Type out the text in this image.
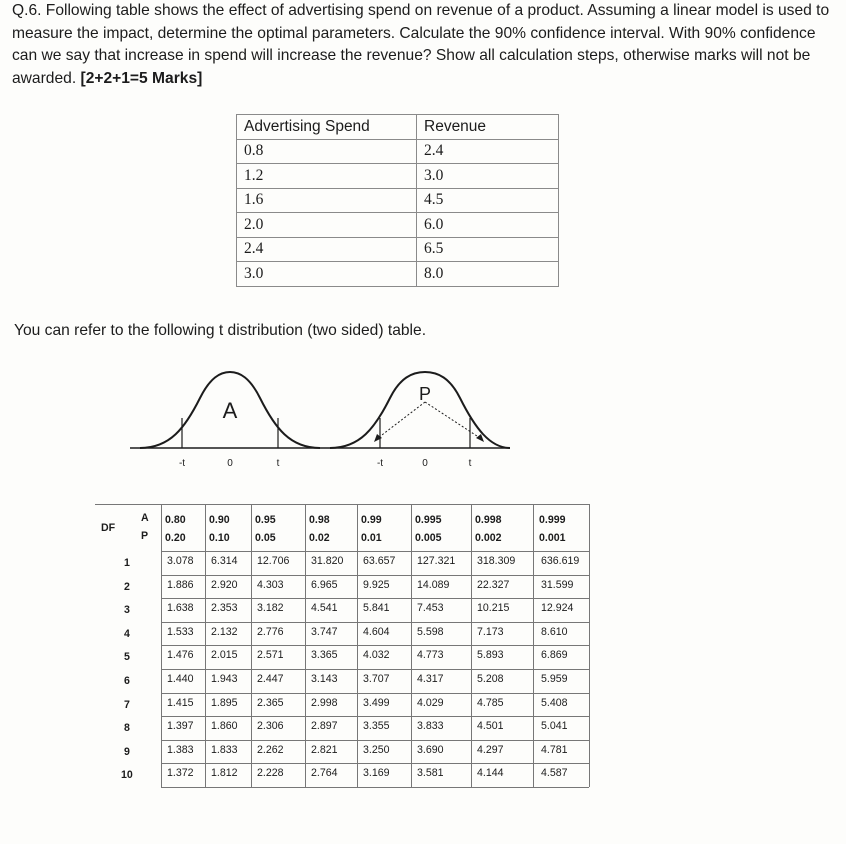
Q.6. Following table shows the effect of advertising spend on revenue of a product. Assuming a linear model is used to measure the impact, determine the optimal parameters. Calculate the 90% confidence interval. With 90% confidence can we say that increase in spend will increase the revenue? Show all calculation steps, otherwise marks will not be awarded. [2+2+1=5 Marks]
Advertising Spend	Revenue
0.8	2.4
1.2	3.0
1.6	4.5
2.0	6.0
2.4	6.5
3.0	8.0
You can refer to the following t distribution (two sided) table.
A
-t	0	t
P
-t	0	t
DF
A
P
0.80 0.90 0.95	0.98	0.99	0.995	0.998	0.999
0.20 0.10 0.05	0.02	0.01	0.005	0.002	0.001
1	3.078 6.314 12.706 31.820 63.657 127.321 318.309 636.619
2	1.886 2.920 4.303	6.965 9.925	14.089	22.327	31.599
3	1.638 2.353 3.182	4.541 5.841	7.453	10.215	12.924
4	1.533 2.132 2.776	3.747 4.604	5.598	7.173	8.610
5	1.476 2.015 2.571	3.365 4.032	4.773	5.893	6.869
6	1.440 1.943 2.447	3.143 3.707	4.317	5.208	5.959
7	1.415 1.895 2.365	2.998 3.499	4.029	4.785	5.408
8	1.397 1.860 2.306	2.897 3.355	3.833	4.501	5.041
9	1.383 1.833 2.262	2.821 3.250	3.690	4.297	4.781
10	1.372 1.812 2.228	2.764 3.169	3.581	4.144	4.587
